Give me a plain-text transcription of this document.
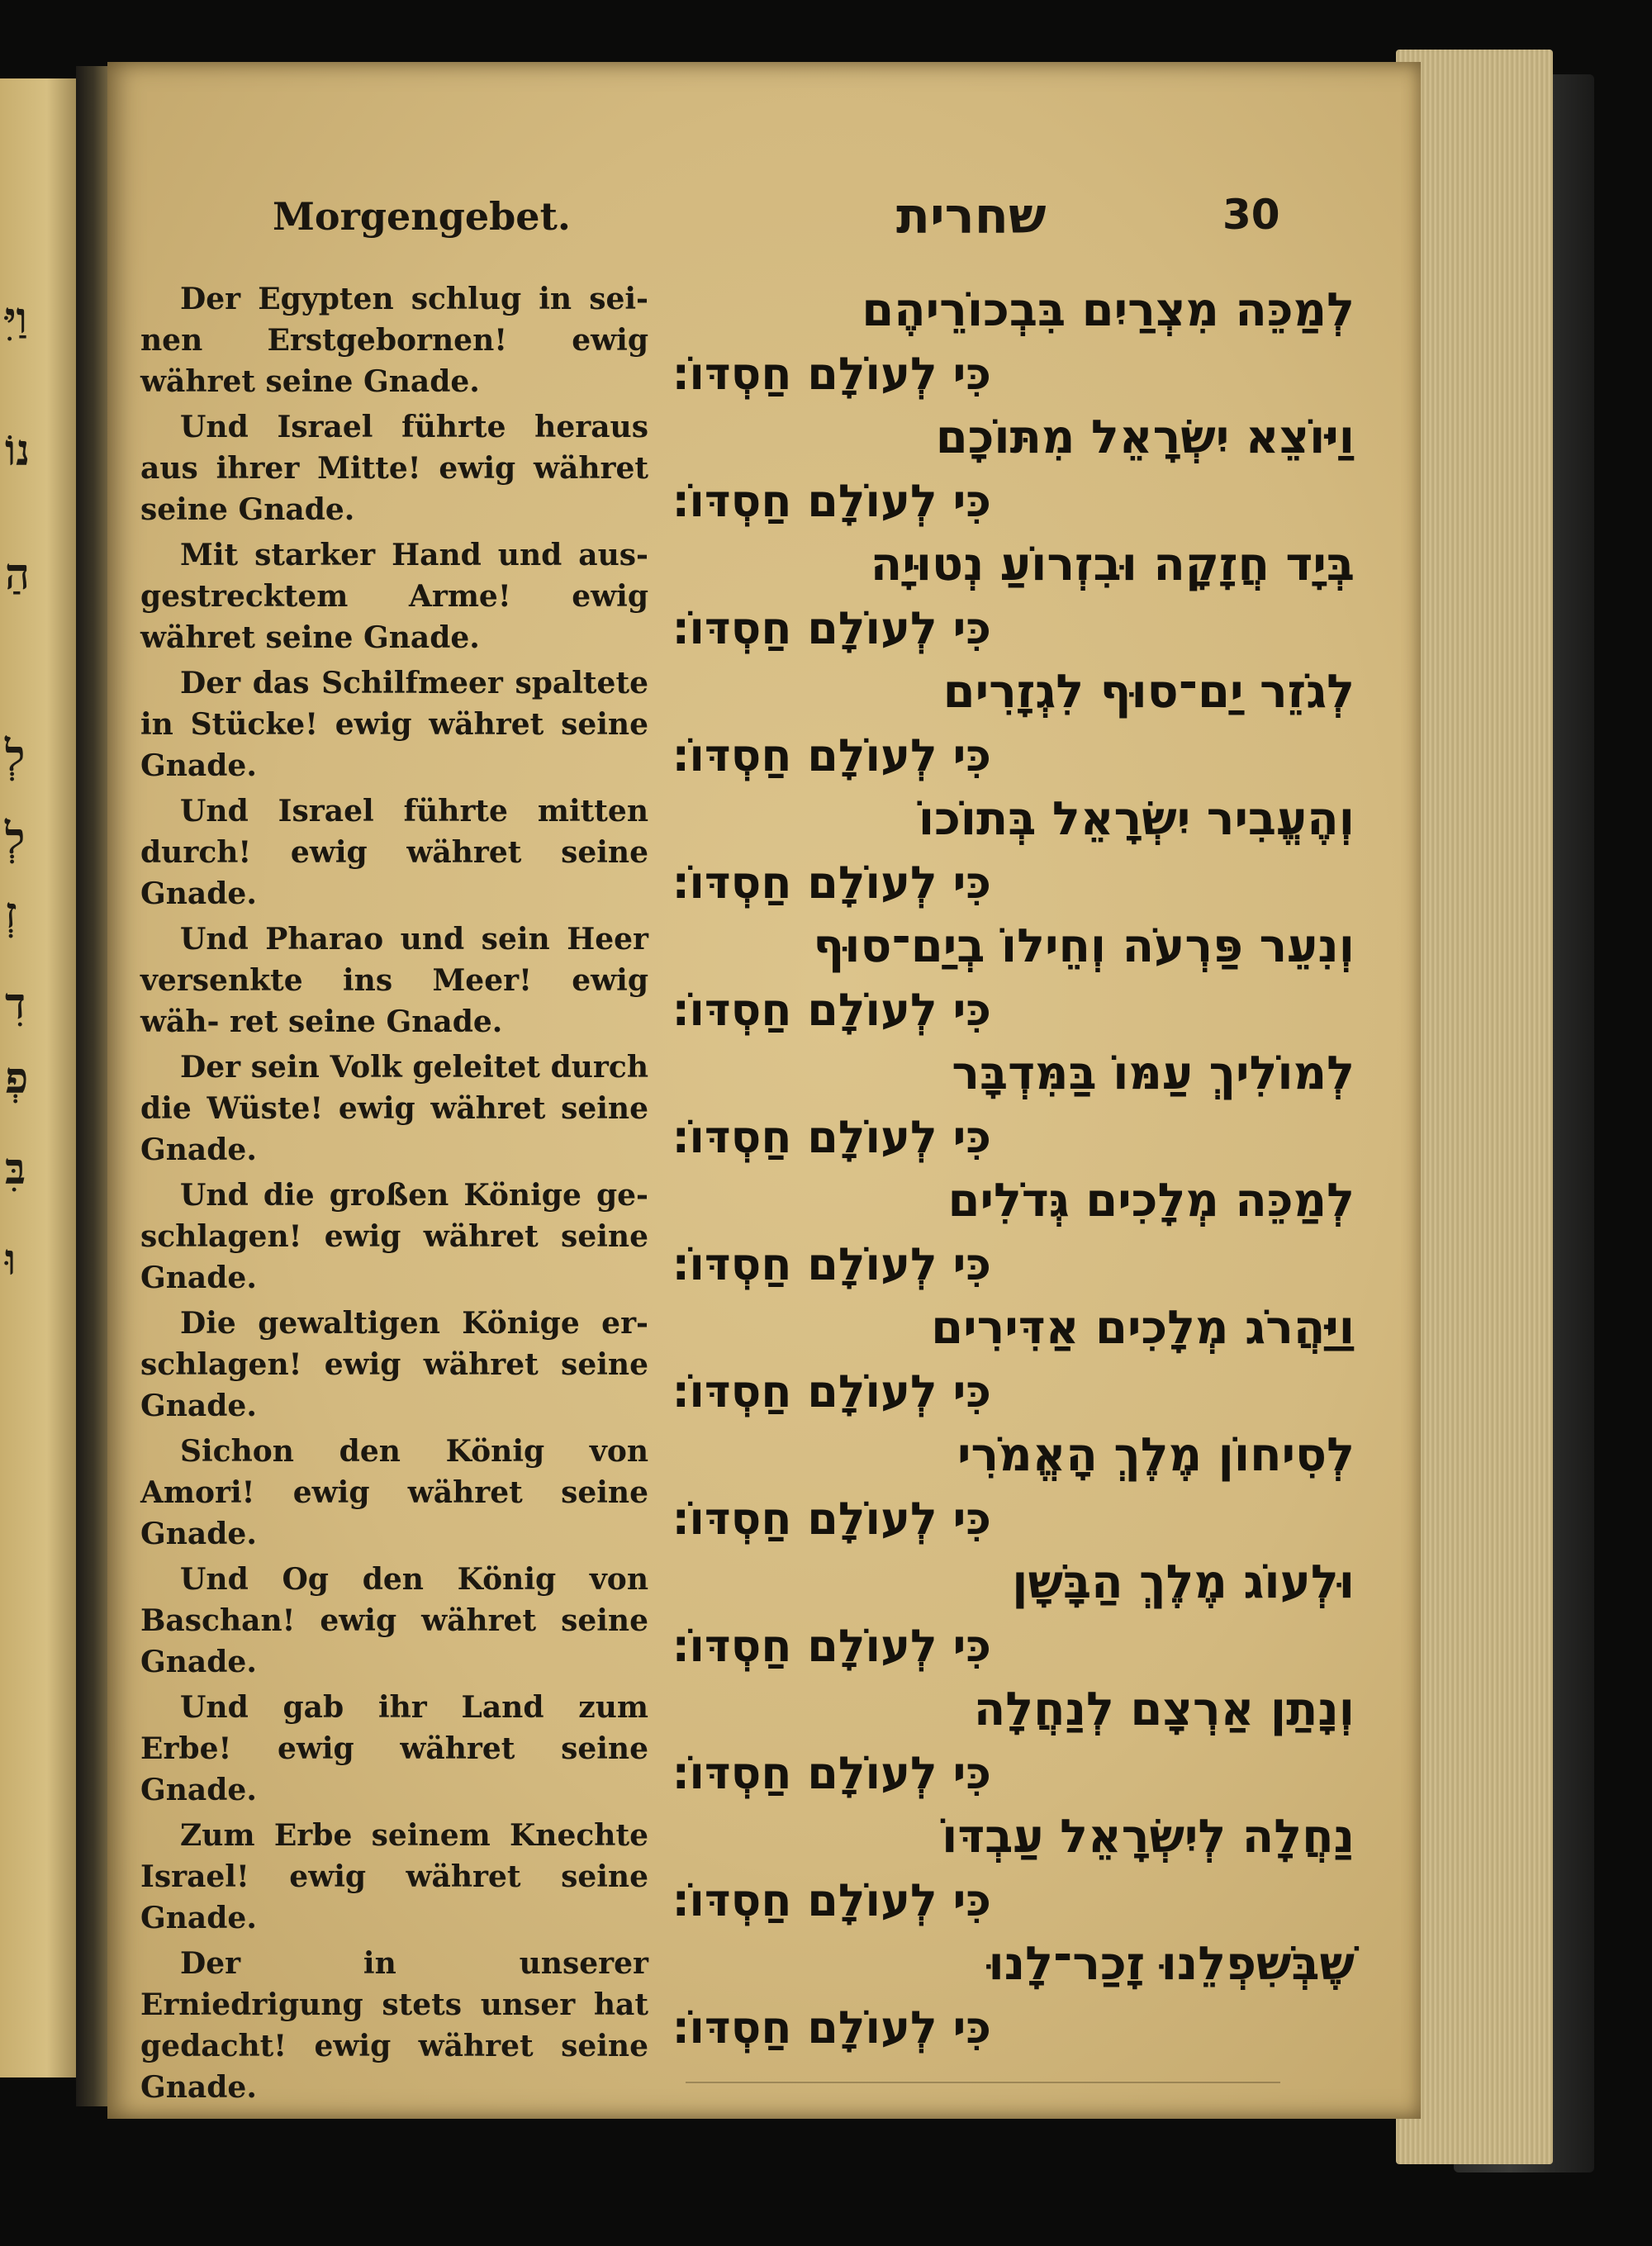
וַיִּ
נוֹ
הַ
לְ
לְ
זְ
דִ
פְ
בִּ
וּ
Morgengebet.	שחרית	30

Der Egypten schlug in sei- nen Erstgebornen! ewig währet seine Gnade.

Und Israel führte heraus aus ihrer Mitte! ewig währet seine Gnade.

Mit starker Hand und aus- gestrecktem Arme! ewig währet seine Gnade.

Der das Schilfmeer spaltete in Stücke! ewig währet seine Gnade.

Und Israel führte mitten durch! ewig währet seine Gnade.

Und Pharao und sein Heer versenkte ins Meer! ewig wäh- ret seine Gnade.

Der sein Volk geleitet durch die Wüste! ewig währet seine Gnade.

Und die großen Könige ge- schlagen! ewig währet seine Gnade.

Die gewaltigen Könige er- schlagen! ewig währet seine Gnade.

Sichon den König von Amori! ewig währet seine Gnade.

Und Og den König von Baschan! ewig währet seine Gnade.

Und gab ihr Land zum Erbe! ewig währet seine Gnade.

Zum Erbe seinem Knechte Israel! ewig währet seine Gnade.

Der in unserer Erniedrigung stets unser hat gedacht! ewig währet seine Gnade.

לְמַכֵּה מִצְרַיִם בִּבְכוֹרֵיהֶם
כִּי לְעוֹלָם חַסְדּוֹ׃
וַיּוֹצֵא יִשְׂרָאֵל מִתּוֹכָם
כִּי לְעוֹלָם חַסְדּוֹ׃
בְּיָד חֲזָקָה וּבִזְרוֹעַ נְטוּיָה
כִּי לְעוֹלָם חַסְדּוֹ׃
לְגֹזֵר יַם־סוּף לִגְזָרִים
כִּי לְעוֹלָם חַסְדּוֹ׃
וְהֶעֱבִיר יִשְׂרָאֵל בְּתוֹכוֹ
כִּי לְעוֹלָם חַסְדּוֹ׃
וְנִעֵר פַּרְעֹה וְחֵילוֹ בְיַם־סוּף
כִּי לְעוֹלָם חַסְדּוֹ׃
לְמוֹלִיךְ עַמּוֹ בַּמִּדְבָּר
כִּי לְעוֹלָם חַסְדּוֹ׃
לְמַכֵּה מְלָכִים גְּדֹלִים
כִּי לְעוֹלָם חַסְדּוֹ׃
וַיַּהֲרֹג מְלָכִים אַדִּירִים
כִּי לְעוֹלָם חַסְדּוֹ׃
לְסִיחוֹן מֶלֶךְ הָאֱמֹרִי
כִּי לְעוֹלָם חַסְדּוֹ׃
וּלְעוֹג מֶלֶךְ הַבָּשָׁן
כִּי לְעוֹלָם חַסְדּוֹ׃
וְנָתַן אַרְצָם לְנַחֲלָה
כִּי לְעוֹלָם חַסְדּוֹ׃
נַחֲלָה לְיִשְׂרָאֵל עַבְדּוֹ
כִּי לְעוֹלָם חַסְדּוֹ׃
שֶׁבְּשִׁפְלֵנוּ זָכַר־לָנוּ
כִּי לְעוֹלָם חַסְדּוֹ׃
